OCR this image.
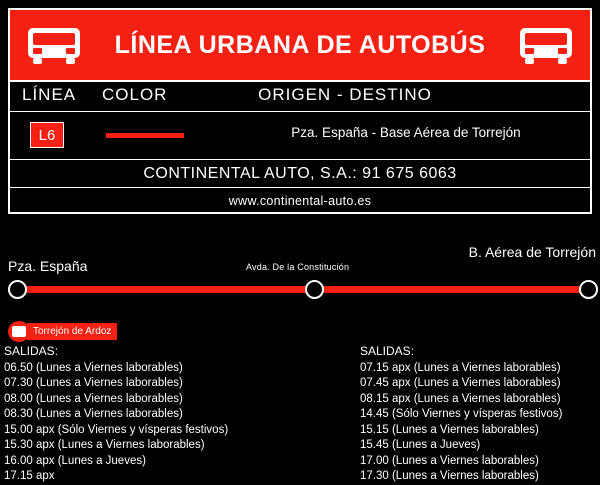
LÍNEA URBANA DE AUTOBÚS
LÍNEA COLOR	ORIGEN - DESTINO
L6	Pza. España - Base Aérea de Torrejón
CONTINENTAL AUTO, S.A.: 91 675 6063
www.continental-auto.es
Pza. España	Avda. De la Constitución
B. Aérea de Torrejón
Torrejón de Ardoz
SALIDAS:
06.50 (Lunes a Viernes laborables)
07.30 (Lunes a Viernes laborables)
08.00 (Lunes a Viernes laborables)
08.30 (Lunes a Viernes laborables)
15.00 apx (Sólo Viernes y vísperas festivos)
15.30 apx (Lunes a Viernes laborables)
16.00 apx (Lunes a Jueves)
17.15 apx
SALIDAS:
07.15 apx (Lunes a Viernes laborables)
07.45 apx (Lunes a Viernes laborables)
08.15 apx (Lunes a Viernes laborables)
14.45 (Sólo Viernes y vísperas festivos)
15.15 (Lunes a Viernes laborables)
15.45 (Lunes a Jueves)
17.00 (Lunes a Viernes laborables)
17.30 (Lunes a Viernes laborables)
